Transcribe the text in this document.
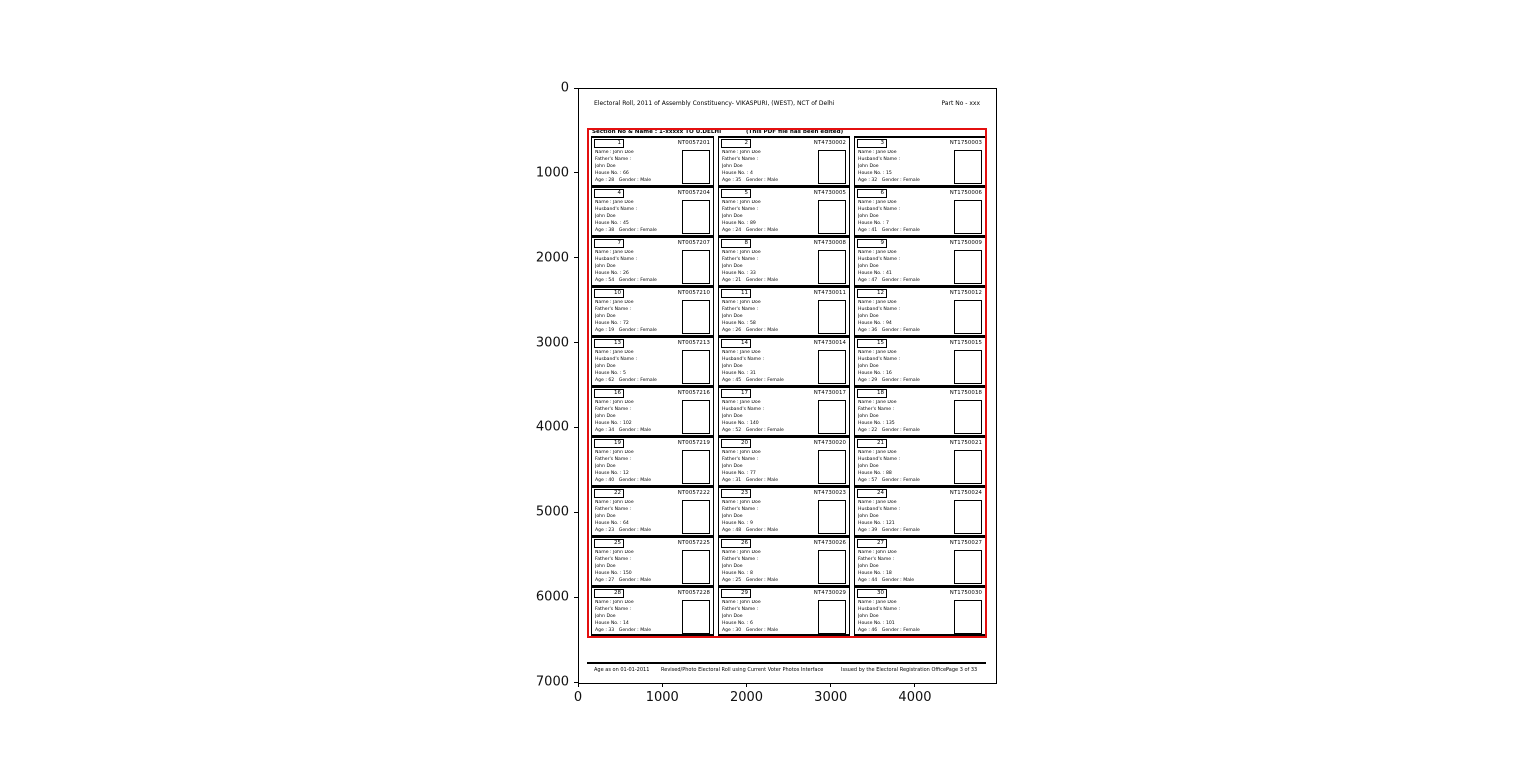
0
1000
2000
3000
4000
5000
6000
7000
0	1000	2000	3000	4000
Electoral Roll, 2011 of Assembly Constituency- VIKASPURI, (WEST), NCT of Delhi	Part No - xxx
Section No & Name : 1-xxxxx TO U.DELHI	(This PDF file has been edited)
1	NT0057201
Name : John Doe
Father's Name :
John Doe
House No. : 66
Age : 28 Gender : Male
2	NT4730002
Name : John Doe
Father's Name :
John Doe
House No. : 4
Age : 35 Gender : Male
3	NT1750003
Name : Jane Doe
Husband's Name :
John Doe
House No. : 15
Age : 32 Gender : Female
4	NT0057204
Name : Jane Doe
Husband's Name :
John Doe
House No. : 45
Age : 38 Gender : Female
5	NT4730005
Name : John Doe
Father's Name :
John Doe
House No. : 89
Age : 24 Gender : Male
6	NT1750006
Name : Jane Doe
Husband's Name :
John Doe
House No. : 7
Age : 41 Gender : Female
7	NT0057207
Name : Jane Doe
Husband's Name :
John Doe
House No. : 26
Age : 54 Gender : Female
8	NT4730008
Name : John Doe
Father's Name :
John Doe
House No. : 33
Age : 21 Gender : Male
9	NT1750009
Name : Jane Doe
Husband's Name :
John Doe
House No. : 41
Age : 47 Gender : Female
10	NT0057210
Name : Jane Doe
Father's Name :
John Doe
House No. : 72
Age : 19 Gender : Female
11	NT4730011
Name : John Doe
Father's Name :
John Doe
House No. : 58
Age : 26 Gender : Male
12	NT1750012
Name : Jane Doe
Husband's Name :
John Doe
House No. : 94
Age : 36 Gender : Female
13	NT0057213
Name : Jane Doe
Husband's Name :
John Doe
House No. : 5
Age : 62 Gender : Female
14	NT4730014
Name : Jane Doe
Husband's Name :
John Doe
House No. : 31
Age : 45 Gender : Female
15	NT1750015
Name : Jane Doe
Husband's Name :
John Doe
House No. : 16
Age : 29 Gender : Female
16	NT0057216
Name : John Doe
Father's Name :
John Doe
House No. : 102
Age : 34 Gender : Male
17	NT4730017
Name : Jane Doe
Husband's Name :
John Doe
House No. : 140
Age : 52 Gender : Female
18	NT1750018
Name : Jane Doe
Father's Name :
John Doe
House No. : 135
Age : 22 Gender : Female
19	NT0057219
Name : John Doe
Father's Name :
John Doe
House No. : 12
Age : 40 Gender : Male
20	NT4730020
Name : John Doe
Father's Name :
John Doe
House No. : 77
Age : 31 Gender : Male
21	NT1750021
Name : Jane Doe
Husband's Name :
John Doe
House No. : 88
Age : 57 Gender : Female
22	NT0057222
Name : John Doe
Father's Name :
John Doe
House No. : 64
Age : 23 Gender : Male
23	NT4730023
Name : John Doe
Father's Name :
John Doe
House No. : 9
Age : 48 Gender : Male
24	NT1750024
Name : Jane Doe
Husband's Name :
John Doe
House No. : 121
Age : 39 Gender : Female
25	NT0057225
Name : John Doe
Father's Name :
John Doe
House No. : 150
Age : 27 Gender : Male
26	NT4730026
Name : John Doe
Father's Name :
John Doe
House No. : 8
Age : 25 Gender : Male
27	NT1750027
Name : John Doe
Father's Name :
John Doe
House No. : 18
Age : 44 Gender : Male
28	NT0057228
Name : John Doe
Father's Name :
John Doe
House No. : 14
Age : 33 Gender : Male
29	NT4730029
Name : John Doe
Father's Name :
John Doe
House No. : 6
Age : 30 Gender : Male
30	NT1750030
Name : Jane Doe
Husband's Name :
John Doe
House No. : 101
Age : 46 Gender : Female
Age as on 01-01-2011 Revised/Photo Electoral Roll using Current Voter Photos Interface	Issued by the Electoral Registration Officer
Page 3 of 33
